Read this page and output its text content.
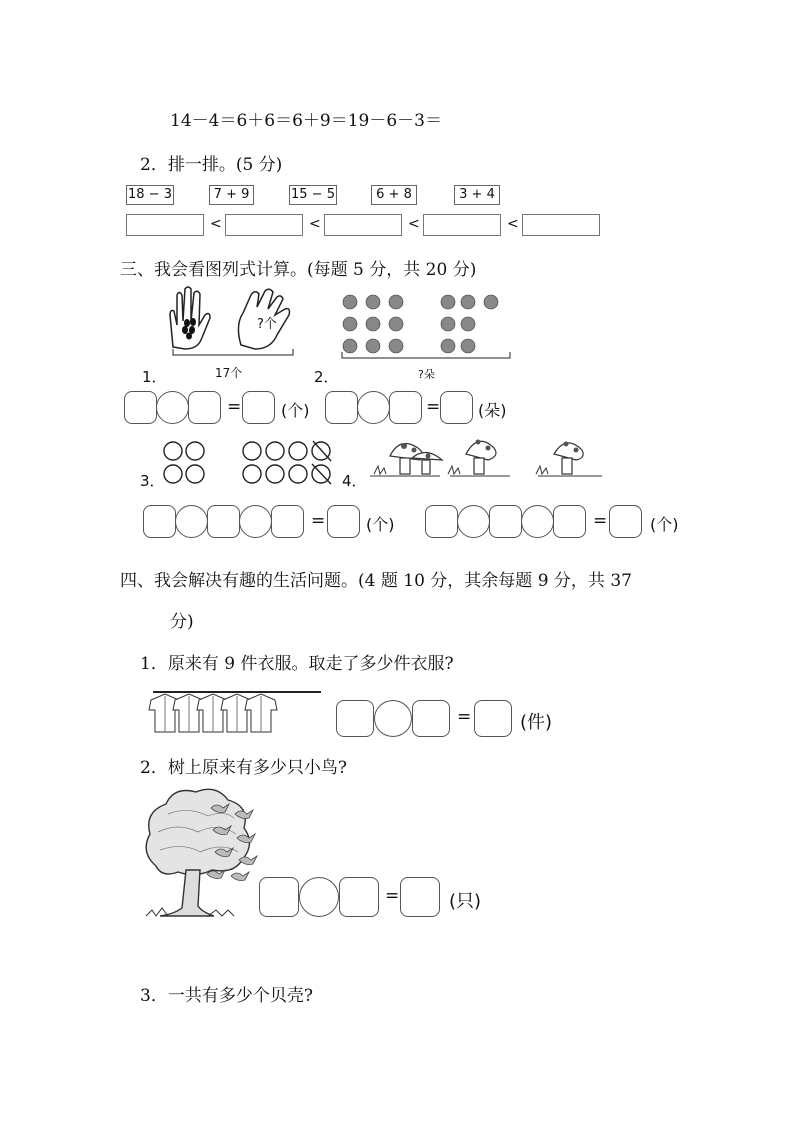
14－4＝6＋6＝6＋9＝19－6－3＝
2．排一排。(5 分)
18 − 3	7 + 9	15 − 5	6 + 8	3 + 4
<	<	<	<
三、我会看图列式计算。(每题 5 分，共 20 分)
?个
17个	?朵
1．	2．
= (个)	= (朵)
3．	4．
=	(个)	=	(个)
四、我会解决有趣的生活问题。(4 题 10 分，其余每题 9 分，共 37
分)
1．原来有 9 件衣服。取走了多少件衣服?
=	(件)
2．树上原来有多少只小鸟?
=	(只)
3．一共有多少个贝壳?
